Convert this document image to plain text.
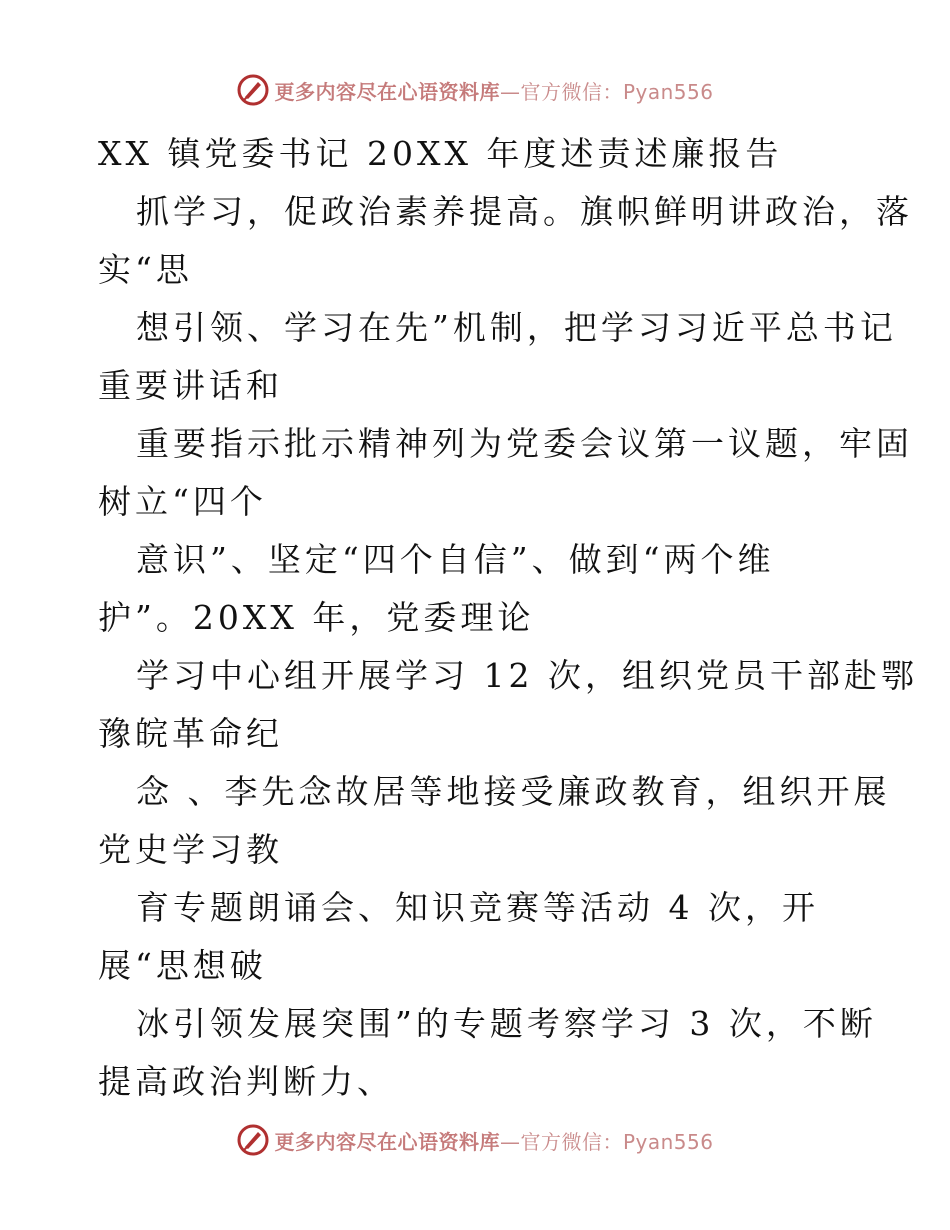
更多内容尽在心语资料库—官方微信：Pyan556
XX 镇党委书记 20XX 年度述责述廉报告
抓学习，促政治素养提高。旗帜鲜明讲政治，落
实“思
想引领、学习在先”机制，把学习习近平总书记
重要讲话和
重要指示批示精神列为党委会议第一议题，牢固
树立“四个
意识”、坚定“四个自信”、做到“两个维
护”。20XX 年，党委理论
学习中心组开展学习 12 次，组织党员干部赴鄂
豫皖革命纪
念 、李先念故居等地接受廉政教育，组织开展
党史学习教
育专题朗诵会、知识竞赛等活动 4 次，开
展“思想破
冰引领发展突围”的专题考察学习 3 次，不断
提高政治判断力、
更多内容尽在心语资料库—官方微信：Pyan556
